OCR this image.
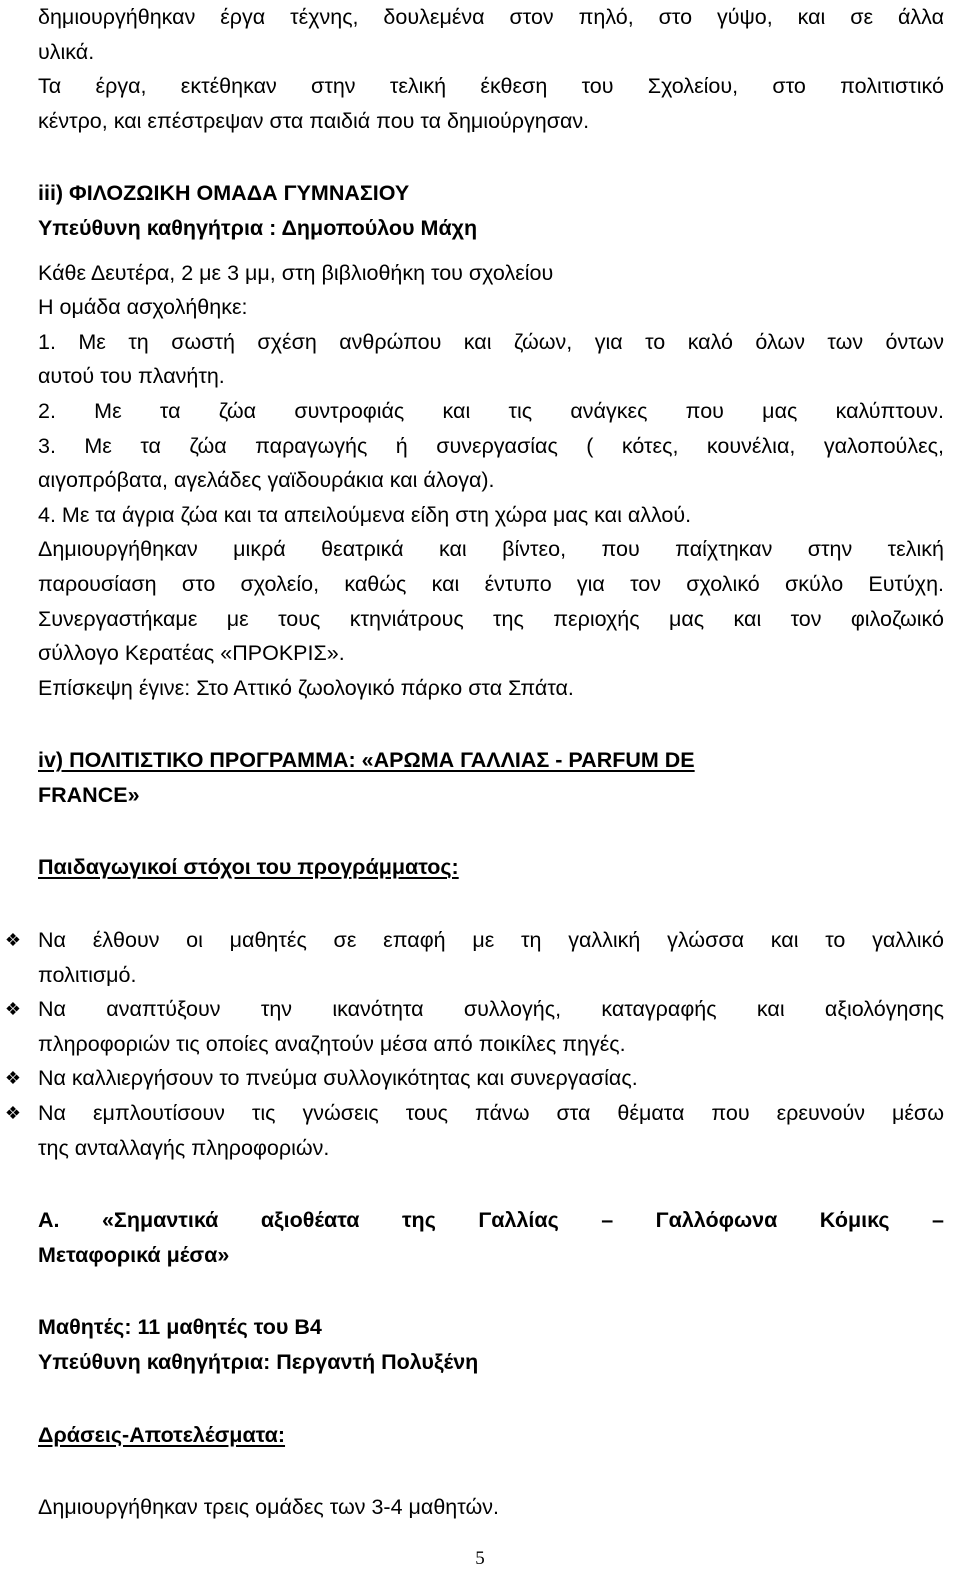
δημιουργήθηκαν έργα τέχνης, δουλεμένα στον πηλό, στο γύψο, και σε άλλα
υλικά.
Τα έργα, εκτέθηκαν στην τελική έκθεση του Σχολείου, στο πολιτιστικό
κέντρο, και επέστρεψαν στα παιδιά που τα δημιούργησαν.
iii) ΦΙΛΟΖΩΙΚΗ ΟΜΑΔΑ ΓΥΜΝΑΣΙΟΥ
Υπεύθυνη καθηγήτρια : Δημοπούλου Μάχη
Κάθε Δευτέρα, 2 με 3 μμ, στη βιβλιοθήκη του σχολείου
Η ομάδα ασχολήθηκε:
1. Με τη σωστή σχέση ανθρώπου και ζώων, για το καλό όλων των όντων
αυτού του πλανήτη.
2. Με τα ζώα συντροφιάς και τις ανάγκες που μας καλύπτουν.
3. Με τα ζώα παραγωγής ή συνεργασίας ( κότες, κουνέλια, γαλοπούλες,
αιγοπρόβατα, αγελάδες γαϊδουράκια και άλογα).
4. Με τα άγρια ζώα και τα απειλούμενα είδη στη χώρα μας και αλλού.
Δημιουργήθηκαν μικρά θεατρικά και βίντεο, που παίχτηκαν στην τελική
παρουσίαση στο σχολείο, καθώς και έντυπο για τον σχολικό σκύλο Ευτύχη.
Συνεργαστήκαμε με τους κτηνιάτρους της περιοχής μας και τον φιλοζωικό
σύλλογο Κερατέας «ΠΡΟΚΡΙΣ».
Επίσκεψη έγινε: Στο Αττικό ζωολογικό πάρκο στα Σπάτα.
iv) ΠΟΛΙΤΙΣΤΙΚΟ ΠΡΟΓΡΑΜΜΑ: «ΑΡΩΜΑ ΓΑΛΛΙΑΣ - PARFUM DE
FRANCE»
Παιδαγωγικοί στόχοι του προγράμματος:
❖ Να έλθουν οι μαθητές σε επαφή με τη γαλλική γλώσσα και το γαλλικό
πολιτισμό.
❖ Να αναπτύξουν την ικανότητα συλλογής, καταγραφής και αξιολόγησης
πληροφοριών τις οποίες αναζητούν μέσα από ποικίλες πηγές.
❖ Να καλλιεργήσουν το πνεύμα συλλογικότητας και συνεργασίας.
❖ Να εμπλουτίσουν τις γνώσεις τους πάνω στα θέματα που ερευνούν μέσω
της ανταλλαγής πληροφοριών.
Α. «Σημαντικά αξιοθέατα της Γαλλίας – Γαλλόφωνα Κόμικς –
Μεταφορικά μέσα»
Μαθητές: 11 μαθητές του Β4
Υπεύθυνη καθηγήτρια: Περγαντή Πολυξένη
Δράσεις-Αποτελέσματα:
Δημιουργήθηκαν τρεις ομάδες των 3-4 μαθητών.
5
